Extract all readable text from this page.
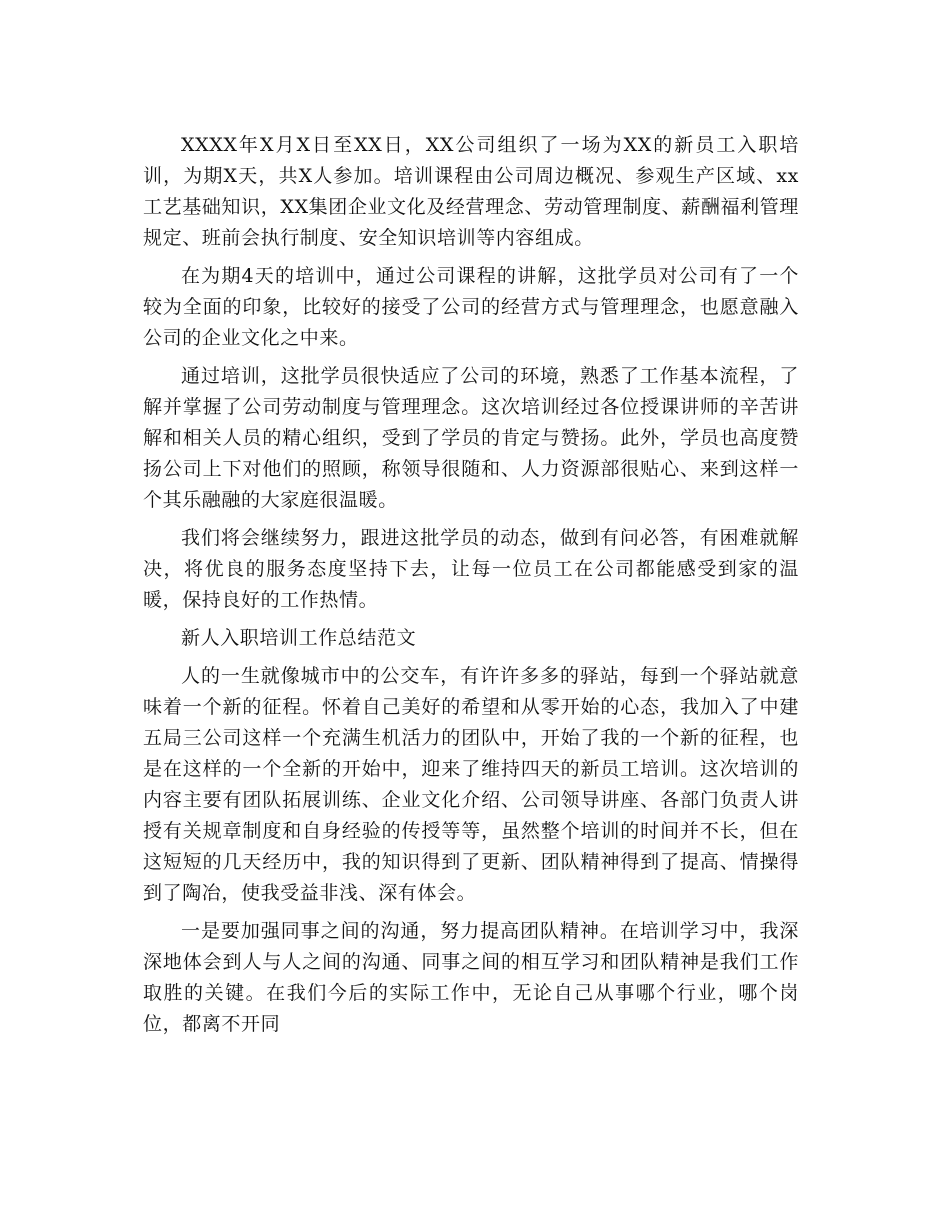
XXXX年X月X日至XX日，XX公司组织了一场为XX的新员工入职培训，为期X天，共X人参加。培训课程由公司周边概况、参观生产区域、xx工艺基础知识，XX集团企业文化及经营理念、劳动管理制度、薪酬福利管理规定、班前会执行制度、安全知识培训等内容组成。

在为期4天的培训中，通过公司课程的讲解，这批学员对公司有了一个较为全面的印象，比较好的接受了公司的经营方式与管理理念，也愿意融入公司的企业文化之中来。

通过培训，这批学员很快适应了公司的环境，熟悉了工作基本流程，了解并掌握了公司劳动制度与管理理念。这次培训经过各位授课讲师的辛苦讲解和相关人员的精心组织，受到了学员的肯定与赞扬。此外，学员也高度赞扬公司上下对他们的照顾，称领导很随和、人力资源部很贴心、来到这样一个其乐融融的大家庭很温暖。

我们将会继续努力，跟进这批学员的动态，做到有问必答，有困难就解决，将优良的服务态度坚持下去，让每一位员工在公司都能感受到家的温暖，保持良好的工作热情。

新人入职培训工作总结范文

人的一生就像城市中的公交车，有许许多多的驿站，每到一个驿站就意味着一个新的征程。怀着自己美好的希望和从零开始的心态，我加入了中建五局三公司这样一个充满生机活力的团队中，开始了我的一个新的征程，也是在这样的一个全新的开始中，迎来了维持四天的新员工培训。这次培训的内容主要有团队拓展训练、企业文化介绍、公司领导讲座、各部门负责人讲授有关规章制度和自身经验的传授等等，虽然整个培训的时间并不长，但在这短短的几天经历中，我的知识得到了更新、团队精神得到了提高、情操得到了陶冶，使我受益非浅、深有体会。

一是要加强同事之间的沟通，努力提高团队精神。在培训学习中，我深深地体会到人与人之间的沟通、同事之间的相互学习和团队精神是我们工作取胜的关键。在我们今后的实际工作中，无论自己从事哪个行业，哪个岗位，都离不开同
